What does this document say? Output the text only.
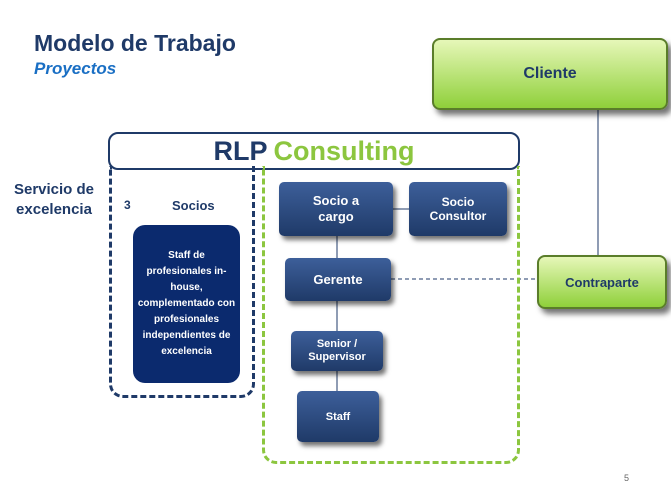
Modelo de Trabajo
Proyectos
Servicio de excelencia
RLP Consulting
3	Socios
Staff de profesionales in-house, complementado con profesionales independientes de excelencia
Socio a cargo
Socio Consultor
Gerente
Senior / Supervisor
Staff
Cliente
Contraparte
5
